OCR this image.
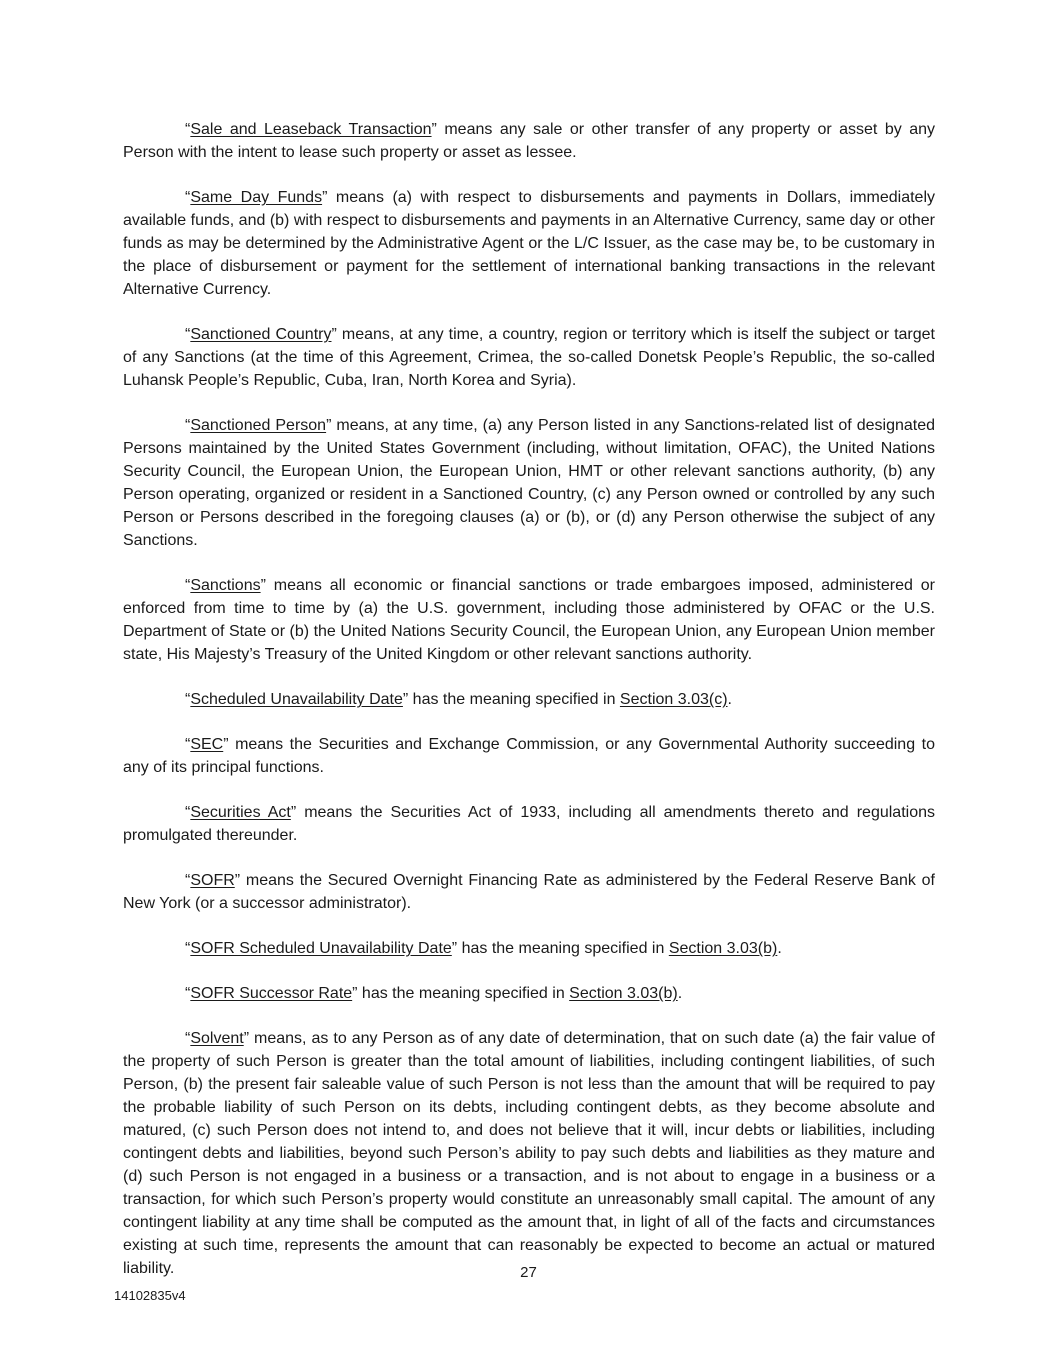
“Sale and Leaseback Transaction” means any sale or other transfer of any property or asset by any Person with the intent to lease such property or asset as lessee.

“Same Day Funds” means (a) with respect to disbursements and payments in Dollars, immediately available funds, and (b) with respect to disbursements and payments in an Alternative Currency, same day or other funds as may be determined by the Administrative Agent or the L/C Issuer, as the case may be, to be customary in the place of disbursement or payment for the settlement of international banking transactions in the relevant Alternative Currency.

“Sanctioned Country” means, at any time, a country, region or territory which is itself the subject or target of any Sanctions (at the time of this Agreement, Crimea, the so-called Donetsk People’s Republic, the so-called Luhansk People’s Republic, Cuba, Iran, North Korea and Syria).

“Sanctioned Person” means, at any time, (a) any Person listed in any Sanctions-related list of designated Persons maintained by the United States Government (including, without limitation, OFAC), the United Nations Security Council, the European Union, the European Union, HMT or other relevant sanctions authority, (b) any Person operating, organized or resident in a Sanctioned Country, (c) any Person owned or controlled by any such Person or Persons described in the foregoing clauses (a) or (b), or (d) any Person otherwise the subject of any Sanctions.

“Sanctions” means all economic or financial sanctions or trade embargoes imposed, administered or enforced from time to time by (a) the U.S. government, including those administered by OFAC or the U.S. Department of State or (b) the United Nations Security Council, the European Union, any European Union member state, His Majesty’s Treasury of the United Kingdom or other relevant sanctions authority.

“Scheduled Unavailability Date” has the meaning specified in Section 3.03(c).

“SEC” means the Securities and Exchange Commission, or any Governmental Authority succeeding to any of its principal functions.

“Securities Act” means the Securities Act of 1933, including all amendments thereto and regulations promulgated thereunder.

“SOFR” means the Secured Overnight Financing Rate as administered by the Federal Reserve Bank of New York (or a successor administrator).

“SOFR Scheduled Unavailability Date” has the meaning specified in Section 3.03(b).

“SOFR Successor Rate” has the meaning specified in Section 3.03(b).

“Solvent” means, as to any Person as of any date of determination, that on such date (a) the fair value of the property of such Person is greater than the total amount of liabilities, including contingent liabilities, of such Person, (b) the present fair saleable value of such Person is not less than the amount that will be required to pay the probable liability of such Person on its debts, including contingent debts, as they become absolute and matured, (c) such Person does not intend to, and does not believe that it will, incur debts or liabilities, including contingent debts and liabilities, beyond such Person’s ability to pay such debts and liabilities as they mature and (d) such Person is not engaged in a business or a transaction, and is not about to engage in a business or a transaction, for which such Person’s property would constitute an unreasonably small capital. The amount of any contingent liability at any time shall be computed as the amount that, in light of all of the facts and circumstances existing at such time, represents the amount that can reasonably be expected to become an actual or matured liability.	27
14102835v4
